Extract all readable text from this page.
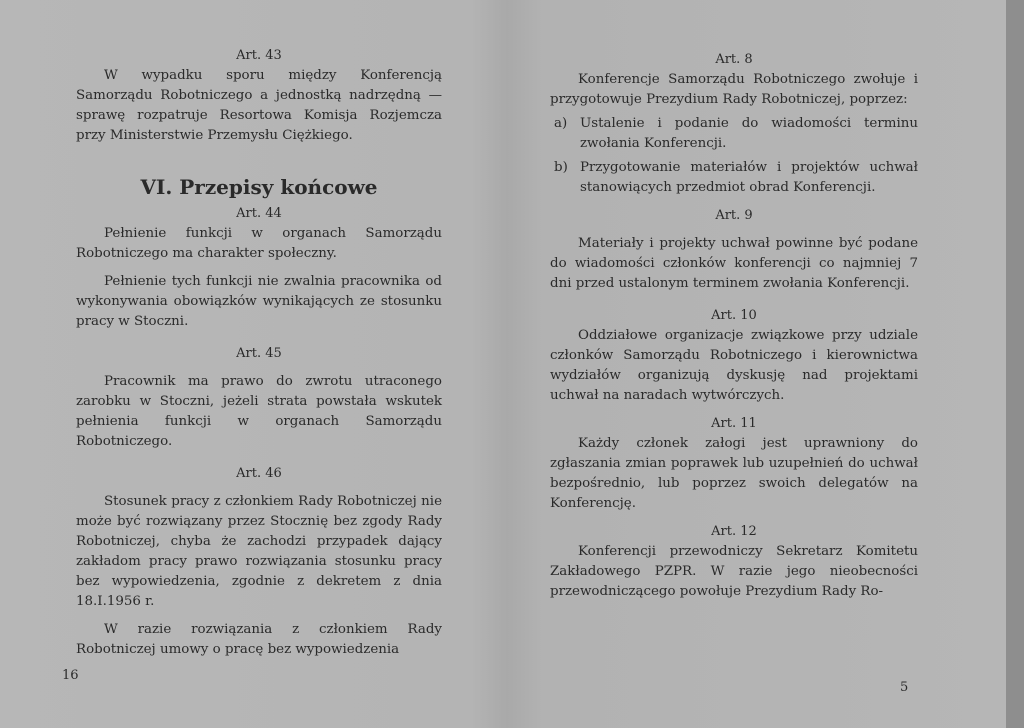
Art. 43

W wypadku sporu między Konferencją Samorządu Robotniczego a jednostką nadrzędną — sprawę rozpatruje Resortowa Komisja Rozjemcza przy Ministerstwie Przemysłu Ciężkiego.

VI. Przepisy końcowe
Art. 44

Pełnienie funkcji w organach Samorządu Robotniczego ma charakter społeczny.

Pełnienie tych funkcji nie zwalnia pracownika od wykonywania obowiązków wynikających ze stosunku pracy w Stoczni.

Art. 45

Pracownik ma prawo do zwrotu utraconego zarobku w Stoczni, jeżeli strata powstała wskutek pełnienia funkcji w organach Samorządu Robotniczego.

Art. 46

Stosunek pracy z członkiem Rady Robotniczej nie może być rozwiązany przez Stocznię bez zgody Rady Robotniczej, chyba że zachodzi przypadek dający zakładom pracy prawo rozwiązania stosunku pracy bez wypowiedzenia, zgodnie z dekretem z dnia 18.I.1956 r.

W razie rozwiązania z członkiem Rady Robotniczej umowy o pracę bez wypowiedzenia

16
Art. 8

Konferencje Samorządu Robotniczego zwołuje i przygotowuje Prezydium Rady Robotniczej, poprzez:

a) Ustalenie i podanie do wiadomości terminu zwołania Konferencji.
b) Przygotowanie materiałów i projektów uchwał stanowiących przedmiot obrad Konferencji.
Art. 9

Materiały i projekty uchwał powinne być podane do wiadomości członków konferencji co najmniej 7 dni przed ustalonym terminem zwołania Konferencji.

Art. 10

Oddziałowe organizacje związkowe przy udziale członków Samorządu Robotniczego i kierownictwa wydziałów organizują dyskusję nad projektami uchwał na naradach wytwórczych.

Art. 11

Każdy członek załogi jest uprawniony do zgłaszania zmian poprawek lub uzupełnień do uchwał bezpośrednio, lub poprzez swoich delegatów na Konferencję.

Art. 12

Konferencji przewodniczy Sekretarz Komitetu Zakładowego PZPR. W razie jego nieobecności przewodniczącego powołuje Prezydium Rady Ro-

5
